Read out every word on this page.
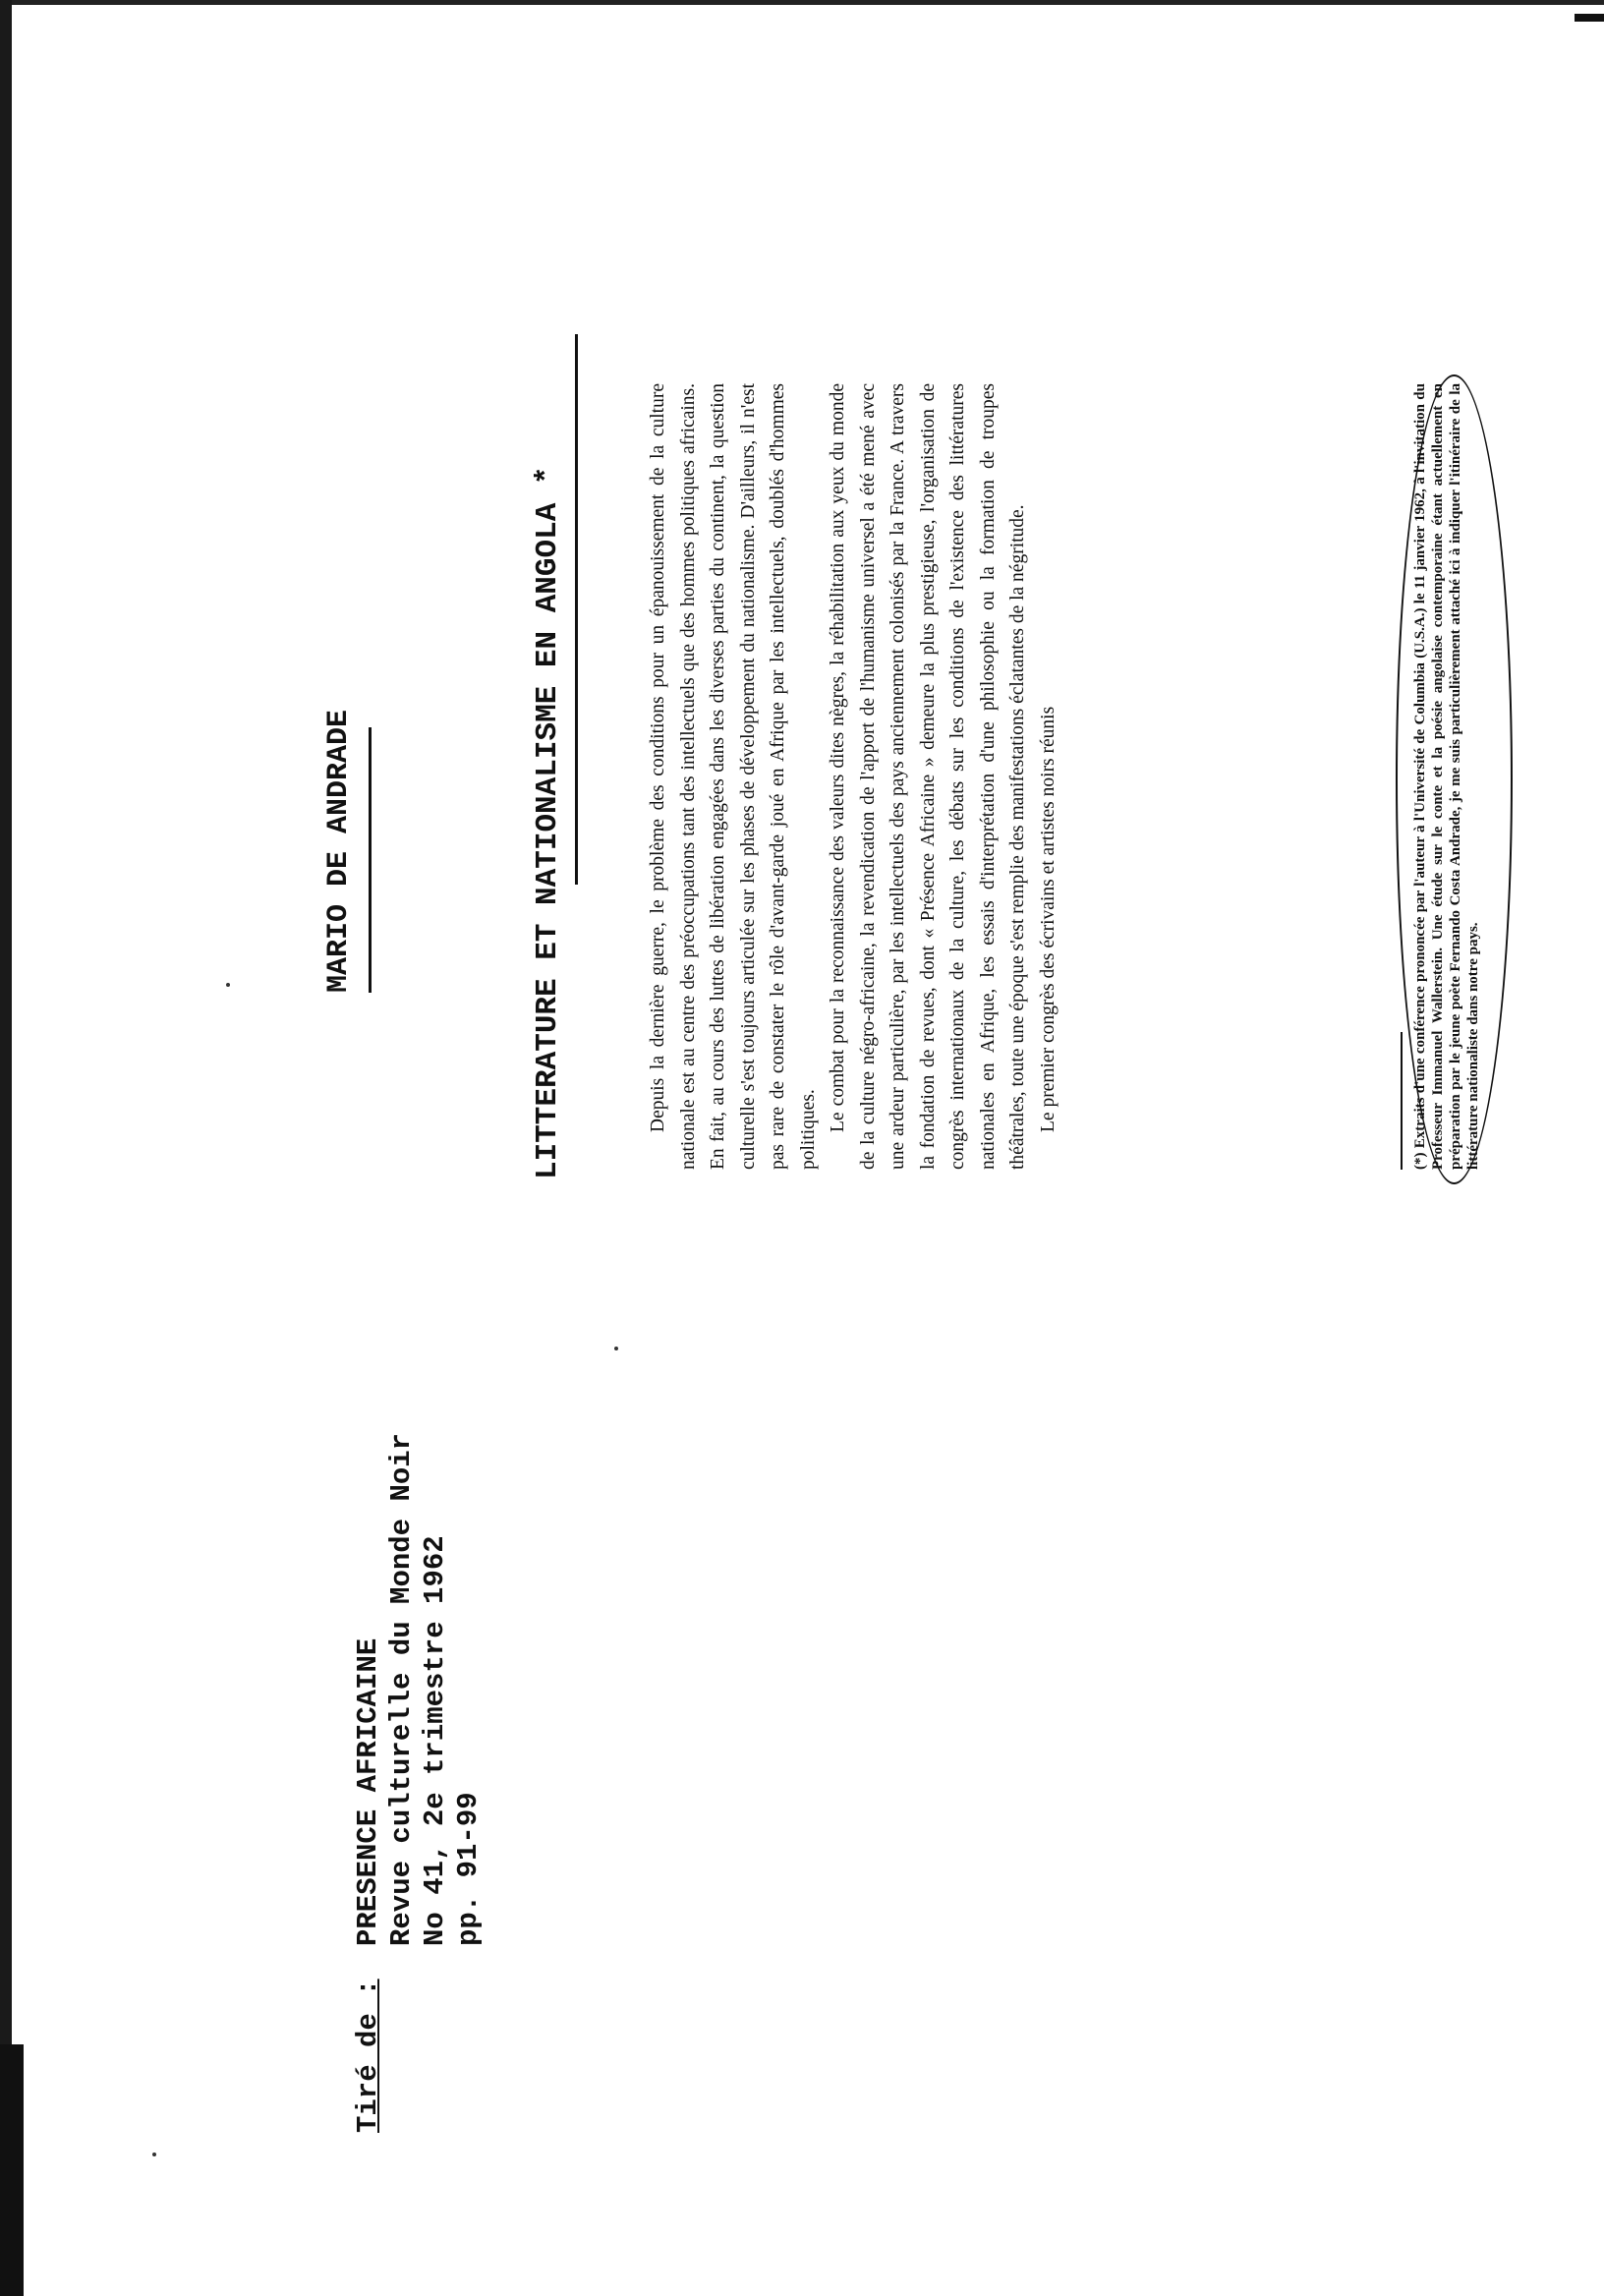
Tiré de :
PRESENCE AFRICAINE Revue culturelle du Monde Noir No 41, 2e trimestre 1962 pp. 91-99
MARIO DE ANDRADE	LITTERATURE ET NATIONALISME EN ANGOLA *	Depuis la dernière guerre, le problème des conditions pour un épanouissement de la culture nationale est au centre des préoccupations tant des intellectuels que des hommes politiques africains. En fait, au cours des luttes de libération engagées dans les diverses parties du continent, la question culturelle s'est toujours articulée sur les phases de développement du nationalisme. D'ailleurs, il n'est pas rare de constater le rôle d'avant-garde joué en Afrique par les intellectuels, doublés d'hommes politiques. Le combat pour la reconnaissance des valeurs dites nègres, la réhabilitation aux yeux du monde de la culture négro-africaine, la revendication de l'apport de l'humanisme universel a été mené avec une ardeur particulière, par les intellectuels des pays anciennement colonisés par la France. A travers la fondation de revues, dont « Présence Africaine » demeure la plus prestigieuse, l'organisation de congrès internationaux de la culture, les débats sur les conditions de l'existence des littératures nationales en Afrique, les essais d'interprétation d'une philosophie ou la formation de troupes théâtrales, toute une époque s'est remplie des manifestations éclatantes de la négritude. Le premier congrès des écrivains et artistes noirs réunis	(*) Extraits d'une conférence prononcée par l'auteur à l'Université de Columbia (U.S.A.) le 11 janvier 1962, à l'invitation du Professeur Immanuel Wallerstein. Une étude sur le conte et la poésie angolaise contemporaine étant actuellement en préparation par le jeune poète Fernando Costa Andrade, je me suis particulièrement attaché ici à indiquer l'itinéraire de la littérature nationaliste dans notre pays.
